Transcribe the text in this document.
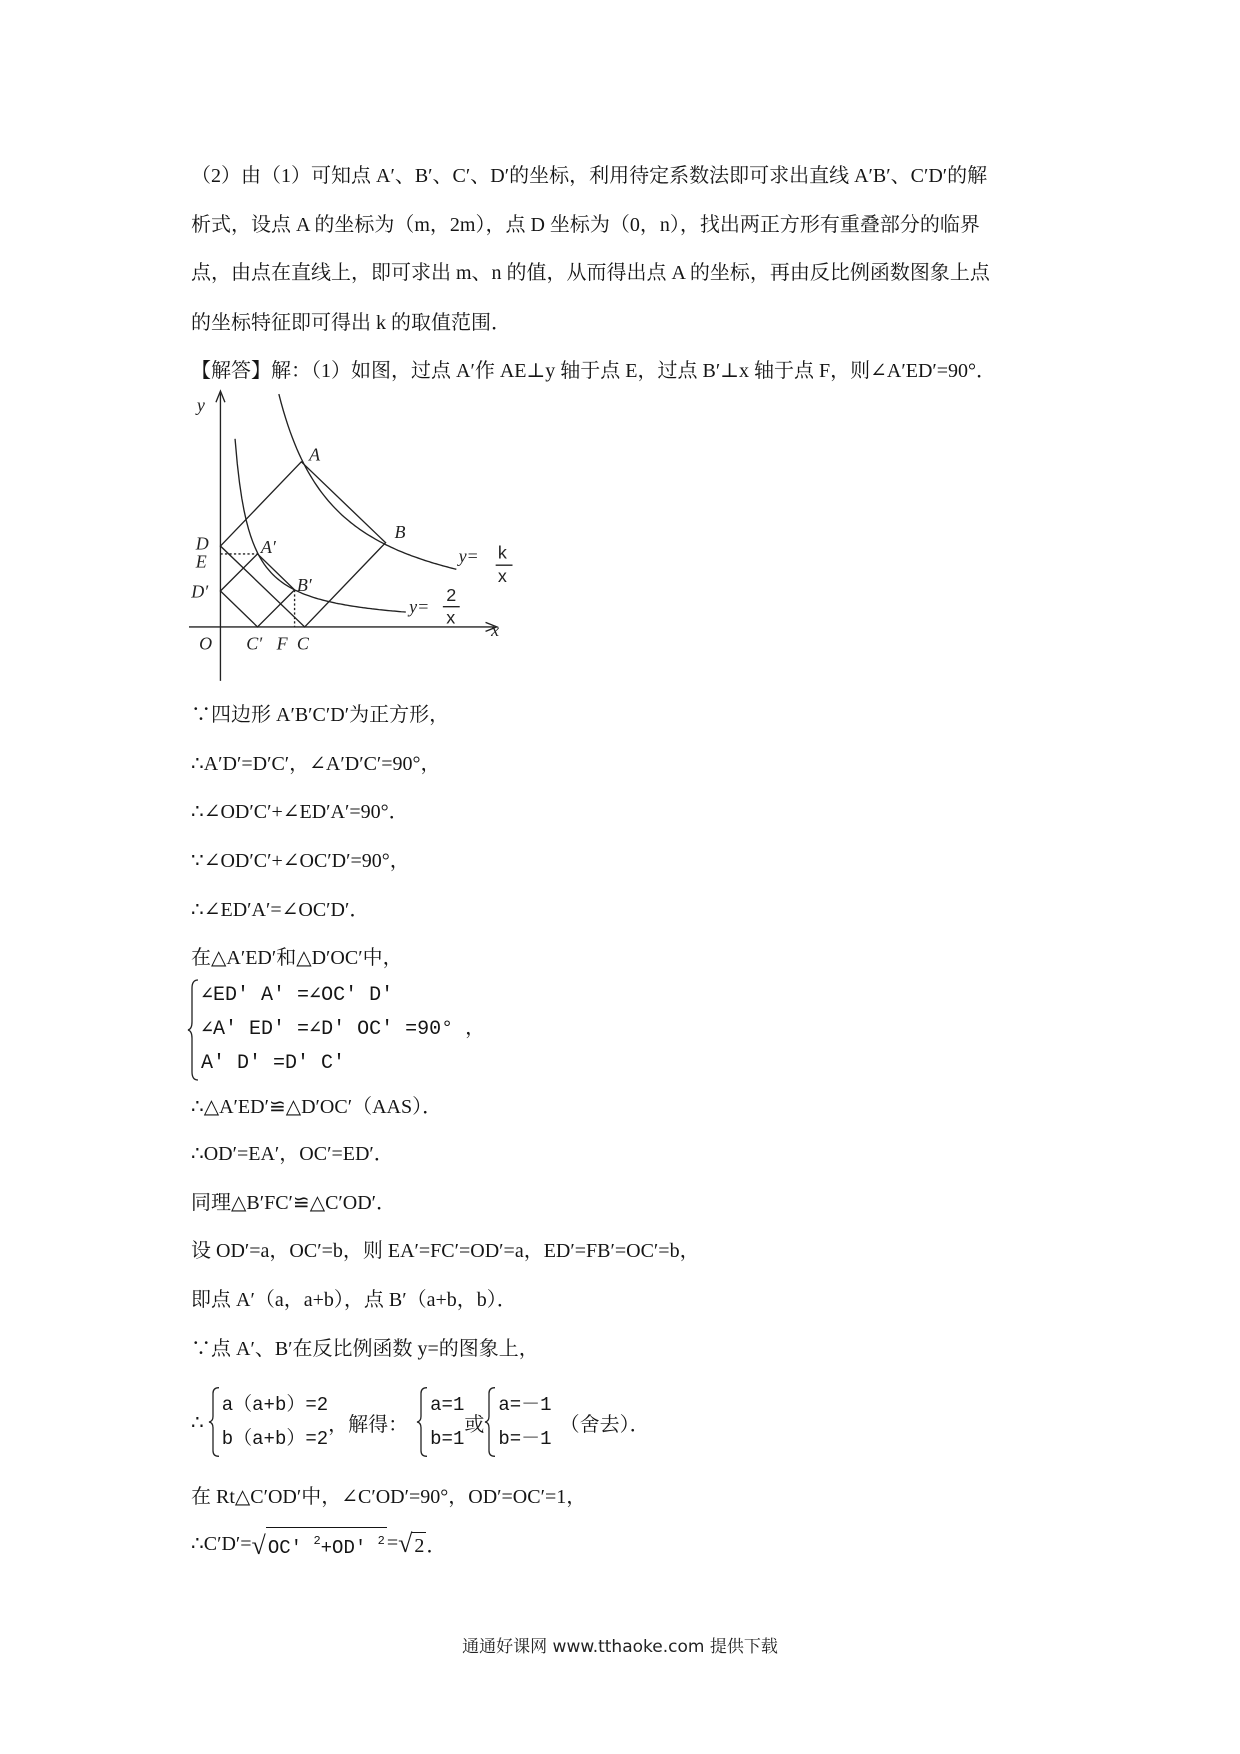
（2）由（1）可知点 A′、B′、C′、D′的坐标，利用待定系数法即可求出直线 A′B′、C′D′的解
析式，设点 A 的坐标为（m，2m），点 D 坐标为（0，n），找出两正方形有重叠部分的临界
点，由点在直线上，即可求出 m、n 的值，从而得出点 A 的坐标，再由反比例函数图象上点
的坐标特征即可得出 k 的取值范围．
【解答】解：（1）如图，过点 A′作 AE⊥y 轴于点 E，过点 B′⊥x 轴于点 F，则∠A′ED′=90°．
y
x
O
D
E
D′
A′
B′
A
B
C′ F C
y= k
x
y=
2
x
∵四边形 A′B′C′D′为正方形，
∴A′D′=D′C′，∠A′D′C′=90°，
∴∠OD′C′+∠ED′A′=90°．
∵∠OD′C′+∠OC′D′=90°，
∴∠ED′A′=∠OC′D′．
在△A′ED′和△D′OC′中，
∠ED′ A′ =∠OC′ D′
∠A′ ED′ =∠D′ OC′ =90° ，
A′ D′ =D′ C′
∴△A′ED′≌△D′OC′（AAS）．
∴OD′=EA′，OC′=ED′．
同理△B′FC′≌△C′OD′．
设 OD′=a，OC′=b，则 EA′=FC′=OD′=a，ED′=FB′=OC′=b，
即点 A′（a，a+b），点 B′（a+b，b）．
∵点 A′、B′在反比例函数 y=的图象上，
∴
a（a+b）=2
b（a+b）=2
，解得：
a=1
b=1
或
a=－1
b=－1
（舍去）．
在 Rt△C′OD′中，∠C′OD′=90°，OD′=OC′=1，
∴C′D′= √ OC′ $^2$+OD′ $^2$ = √ 2 ．
通通好课网 www.tthaoke.com 提供下载
